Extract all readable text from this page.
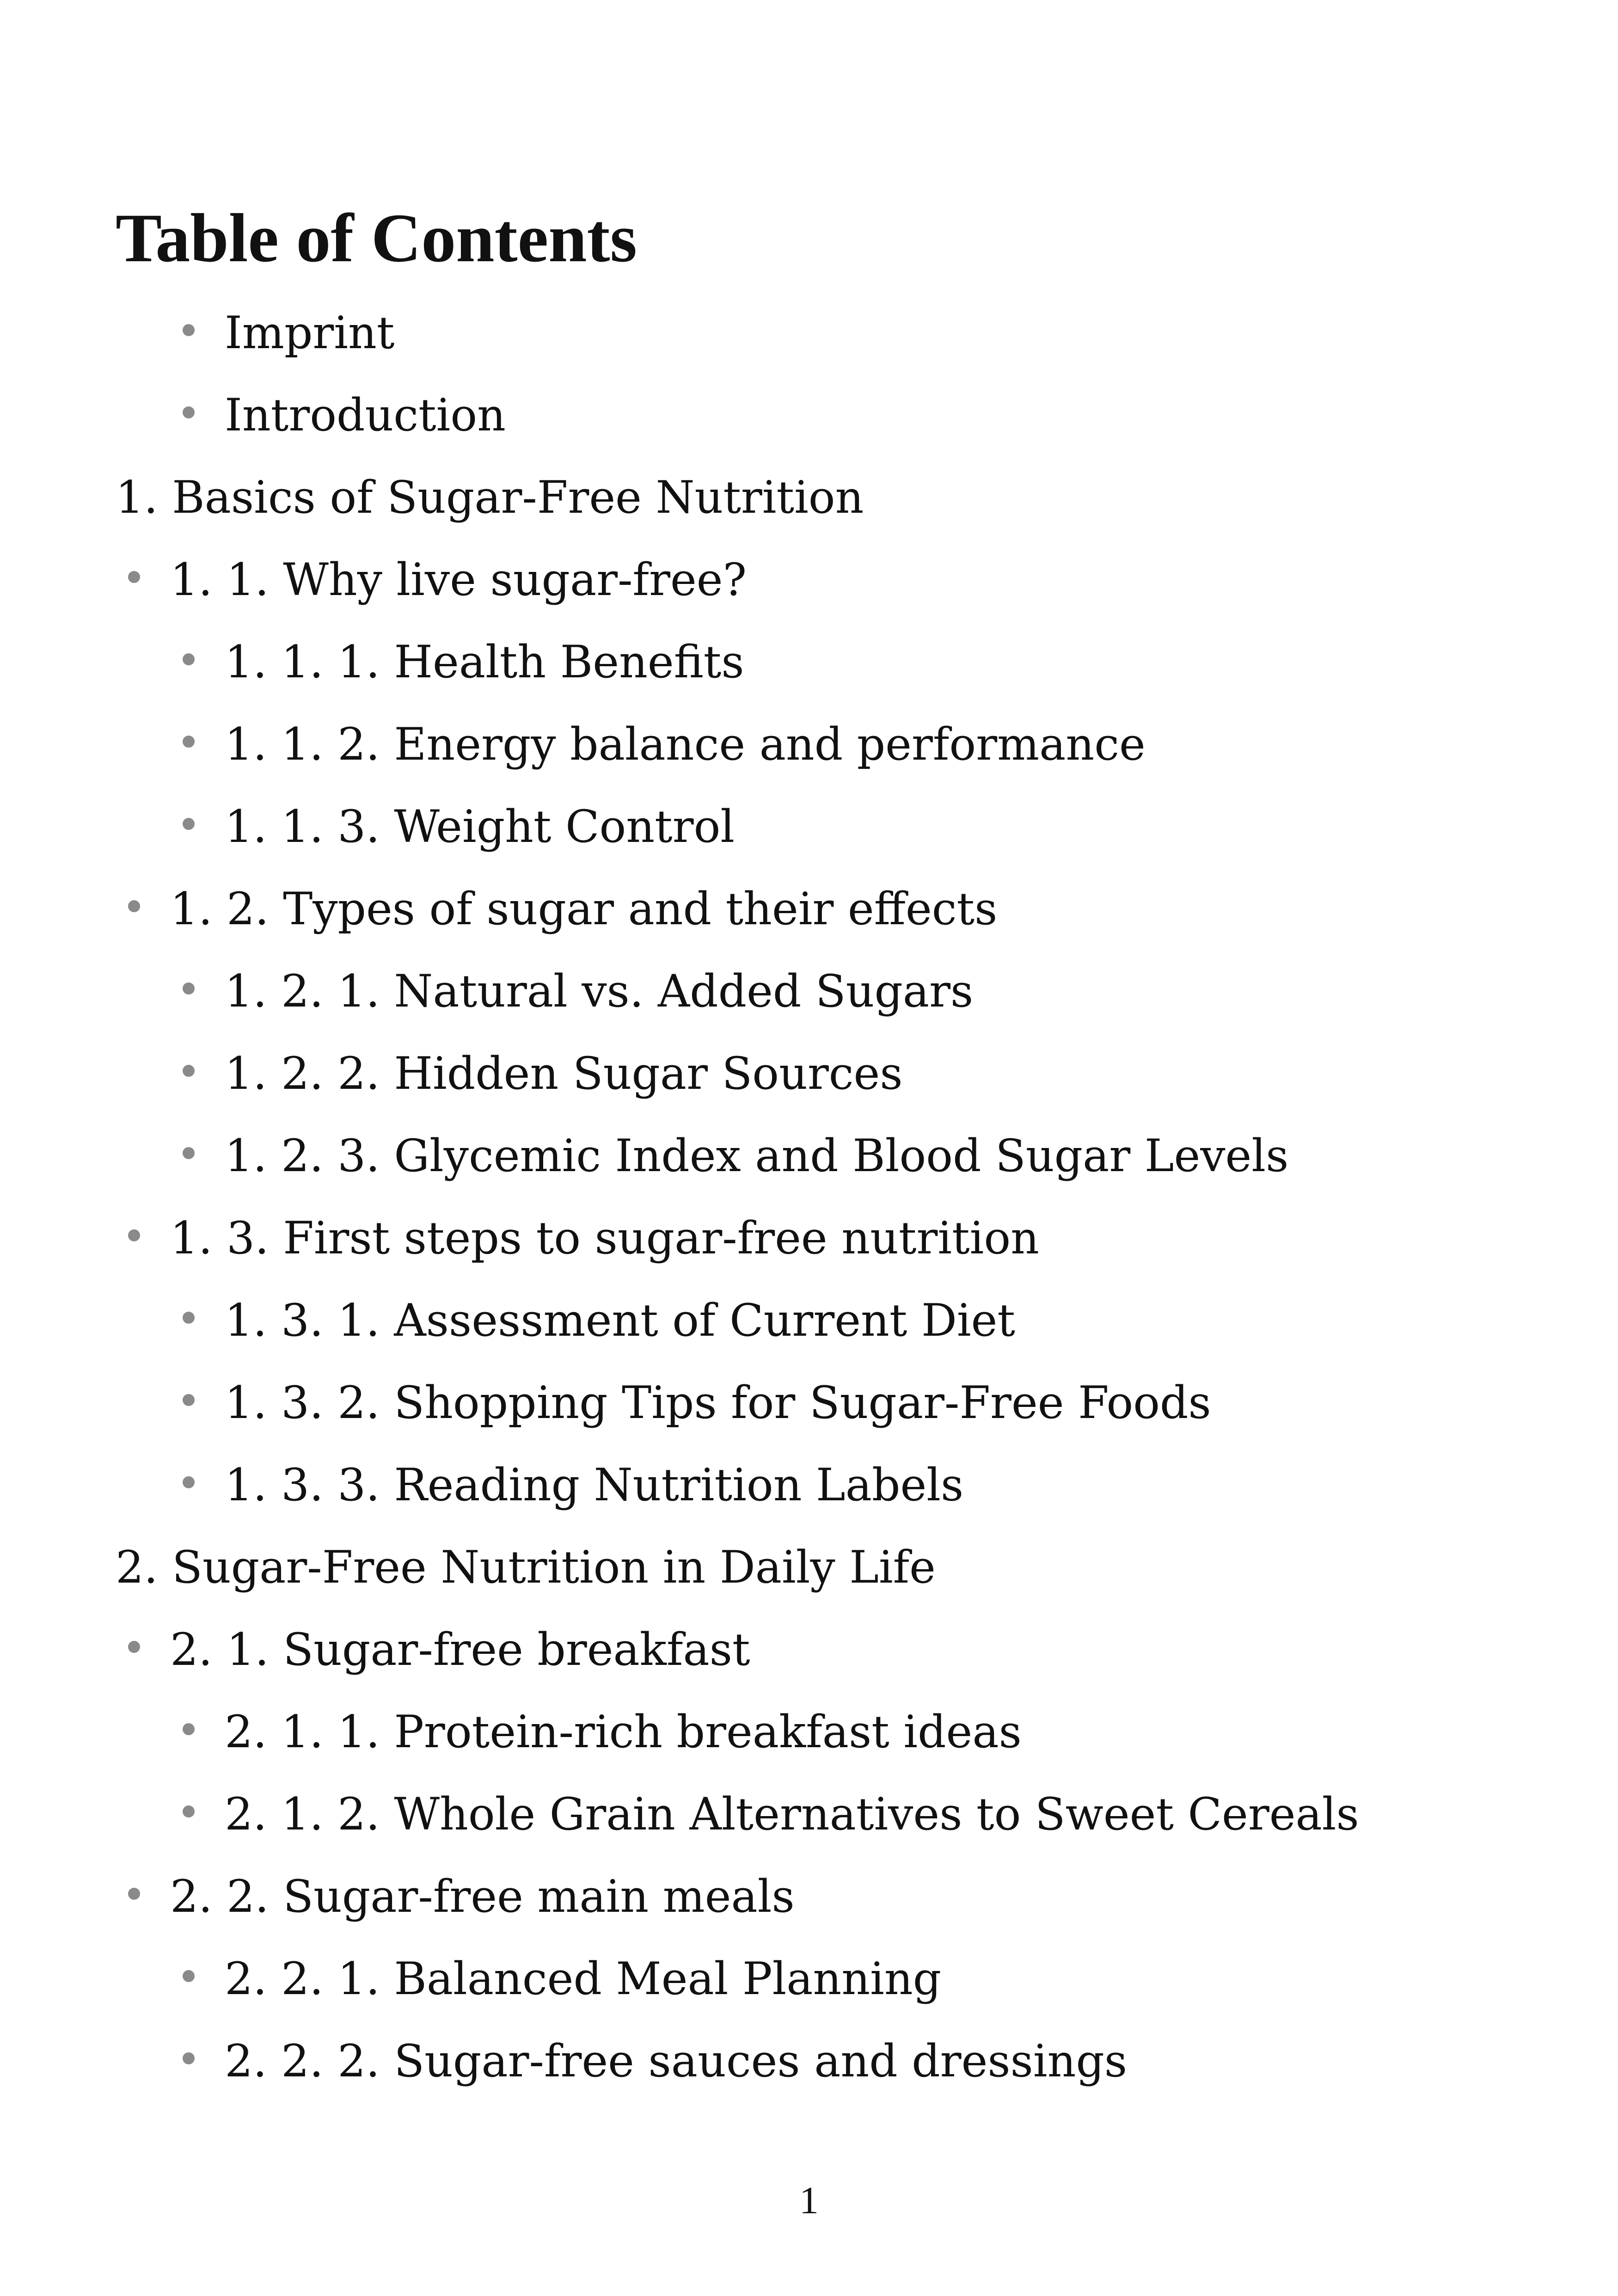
Table of Contents
Imprint
Introduction
1. Basics of Sugar-Free Nutrition
1. 1. Why live sugar-free?
1. 1. 1. Health Benefits
1. 1. 2. Energy balance and performance
1. 1. 3. Weight Control
1. 2. Types of sugar and their effects
1. 2. 1. Natural vs. Added Sugars
1. 2. 2. Hidden Sugar Sources
1. 2. 3. Glycemic Index and Blood Sugar Levels
1. 3. First steps to sugar-free nutrition
1. 3. 1. Assessment of Current Diet
1. 3. 2. Shopping Tips for Sugar-Free Foods
1. 3. 3. Reading Nutrition Labels
2. Sugar-Free Nutrition in Daily Life
2. 1. Sugar-free breakfast
2. 1. 1. Protein-rich breakfast ideas
2. 1. 2. Whole Grain Alternatives to Sweet Cereals
2. 2. Sugar-free main meals
2. 2. 1. Balanced Meal Planning
2. 2. 2. Sugar-free sauces and dressings
1
